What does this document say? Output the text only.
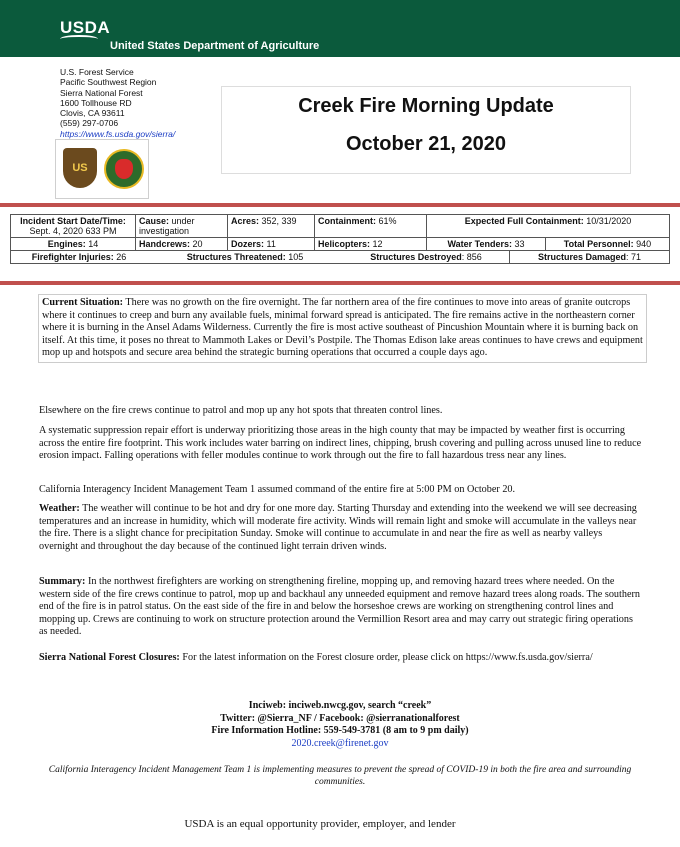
USDA
United States Department of Agriculture
U.S. Forest Service
Pacific Southwest Region
Sierra National Forest
1600 Tollhouse RD
Clovis, CA 93611
(559) 297-0706
https://www.fs.usda.gov/sierra/
US
Creek Fire Morning Update
October 21, 2020
Incident Start Date/Time:
Sept. 4, 2020 633 PM	Cause: under investigation	Acres: 352, 339	Containment: 61%	Expected Full Containment: 10/31/2020
Engines: 14	Handcrews: 20	Dozers: 11	Helicopters: 12	Water Tenders: 33	Total Personnel: 940

Firefighter Injuries: 26	Structures Threatened: 105	Structures Destroyed: 856	Structures Damaged: 71

Current Situation: There was no growth on the fire overnight. The far northern area of the fire continues to move into areas of granite outcrops where it continues to creep and burn any available fuels, minimal forward spread is anticipated. The fire remains active in the northeastern corner where it is burning in the Ansel Adams Wilderness. Currently the fire is most active southeast of Pincushion Mountain where it is burning back on itself. At this time, it poses no threat to Mammoth Lakes or Devil’s Postpile. The Thomas Edison lake areas continues to have crews and equipment mop up and hotspots and secure area behind the strategic burning operations that occurred a couple days ago.

Elsewhere on the fire crews continue to patrol and mop up any hot spots that threaten control lines.
A systematic suppression repair effort is underway prioritizing those areas in the high county that may be impacted by weather first is occurring across the entire fire footprint. This work includes water barring on indirect lines, chipping, brush covering and pulling across unused line to reduce erosion impact. Falling operations with feller modules continue to work through out the fire to fall hazardous tress near any lines.
California Interagency Incident Management Team 1 assumed command of the entire fire at 5:00 PM on October 20.
Weather: The weather will continue to be hot and dry for one more day. Starting Thursday and extending into the weekend we will see decreasing temperatures and an increase in humidity, which will moderate fire activity. Winds will remain light and smoke will accumulate in the valleys near the fire. There is a slight chance for precipitation Sunday. Smoke will continue to accumulate in and near the fire as well as nearby valleys overnight and throughout the day because of the continued light terrain driven winds.
Summary: In the northwest firefighters are working on strengthening fireline, mopping up, and removing hazard trees where needed. On the western side of the fire crews continue to patrol, mop up and backhaul any unneeded equipment and remove hazard trees along roads. The southern end of the fire is in patrol status. On the east side of the fire in and below the horseshoe crews are working on strengthening control lines and mopping up. Crews are continuing to work on structure protection around the Vermillion Resort area and may carry out strategic firing operations as needed.
Sierra National Forest Closures: For the latest information on the Forest closure order, please click on https://www.fs.usda.gov/sierra/
Inciweb: inciweb.nwcg.gov, search “creek”
Twitter: @Sierra_NF / Facebook: @sierranationalforest
Fire Information Hotline: 559-549-3781 (8 am to 9 pm daily)
2020.creek@firenet.gov
California Interagency Incident Management Team 1 is implementing measures to prevent the spread of COVID-19 in both the fire area and surrounding communities.
USDA is an equal opportunity provider, employer, and lender
